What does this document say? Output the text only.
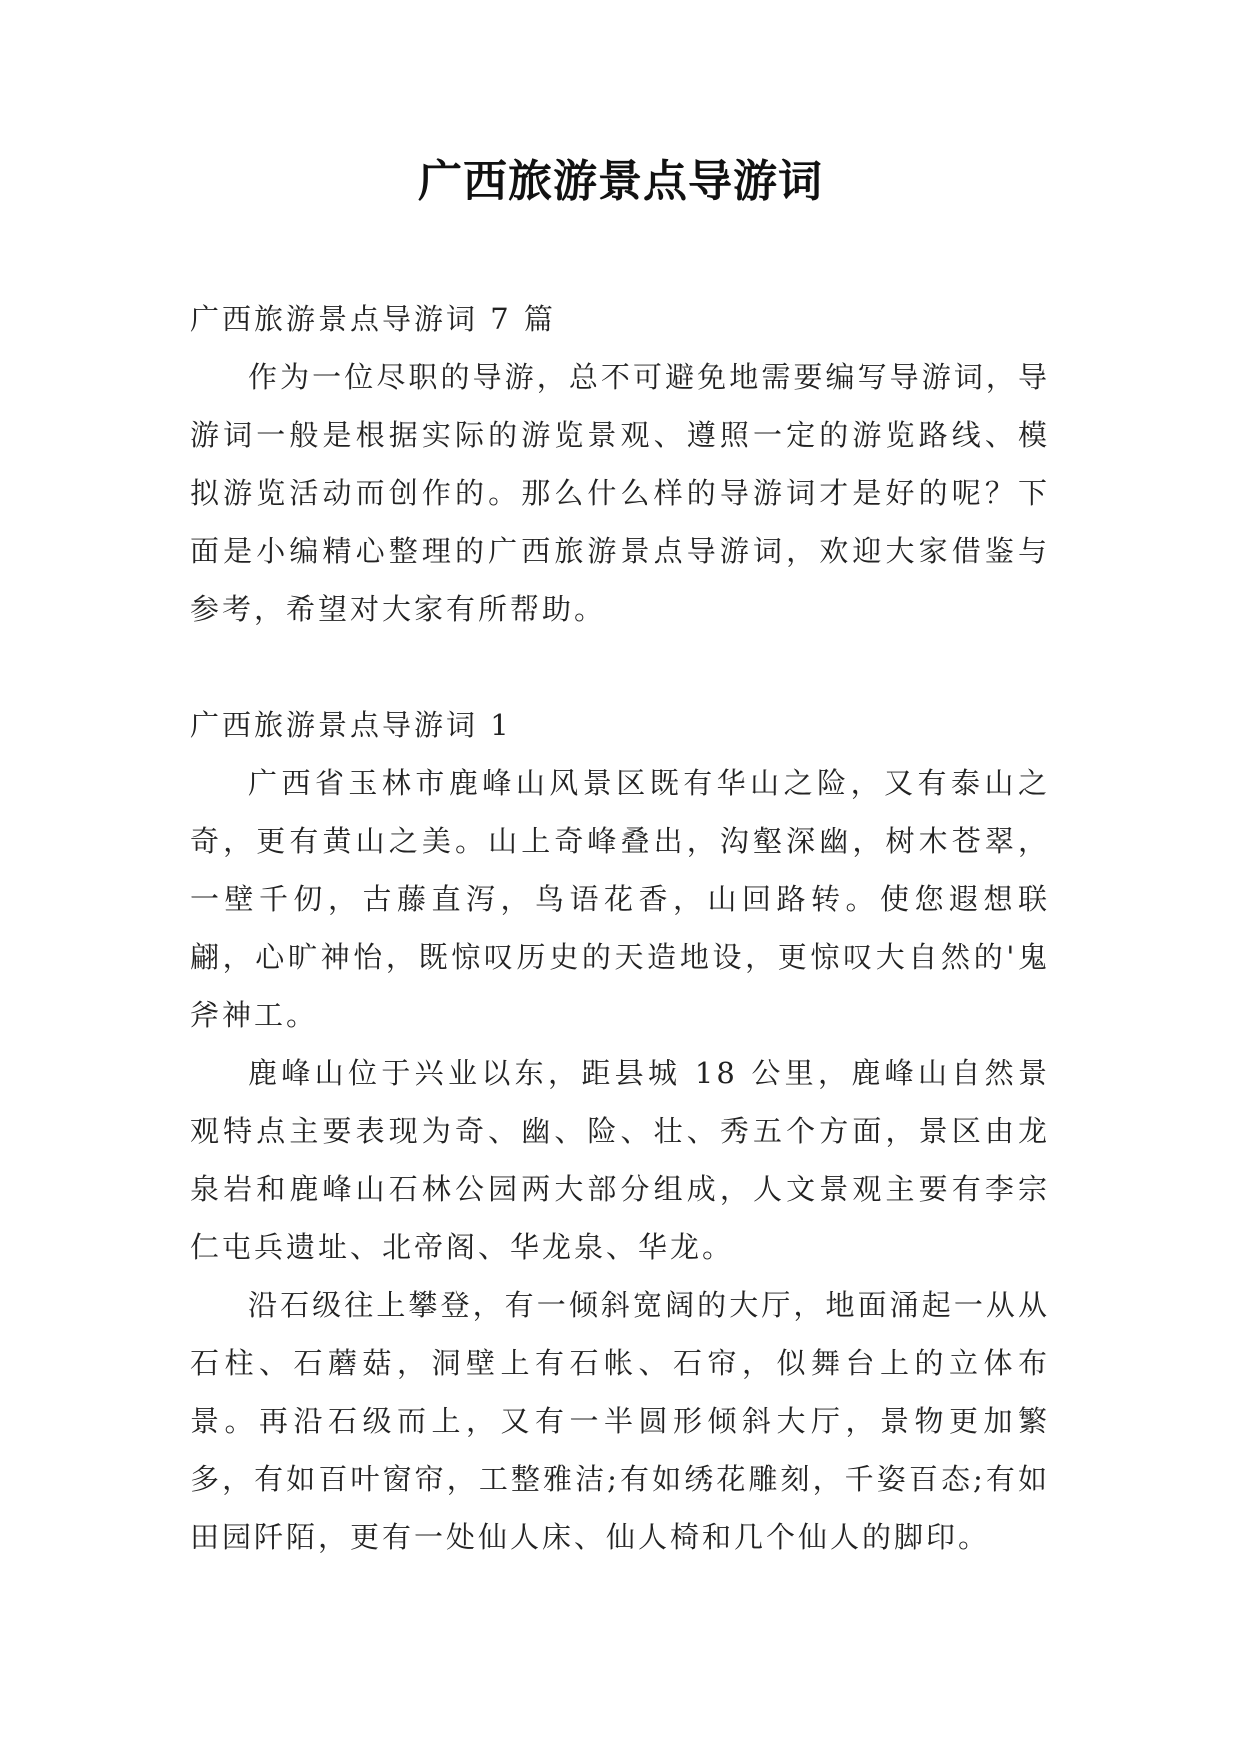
广西旅游景点导游词

广西旅游景点导游词 7 篇

作为一位尽职的导游，总不可避免地需要编写导游词，导游词一般是根据实际的游览景观、遵照一定的游览路线、模拟游览活动而创作的。那么什么样的导游词才是好的呢？下面是小编精心整理的广西旅游景点导游词，欢迎大家借鉴与参考，希望对大家有所帮助。

广西旅游景点导游词 1

广西省玉林市鹿峰山风景区既有华山之险，又有泰山之奇，更有黄山之美。山上奇峰叠出，沟壑深幽，树木苍翠，一壁千仞，古藤直泻，鸟语花香，山回路转。使您遐想联翩，心旷神怡，既惊叹历史的天造地设，更惊叹大自然的'鬼斧神工。

鹿峰山位于兴业以东，距县城 18 公里，鹿峰山自然景观特点主要表现为奇、幽、险、壮、秀五个方面，景区由龙泉岩和鹿峰山石林公园两大部分组成，人文景观主要有李宗仁屯兵遗址、北帝阁、华龙泉、华龙。

沿石级往上攀登，有一倾斜宽阔的大厅，地面涌起一从从石柱、石蘑菇，洞壁上有石帐、石帘，似舞台上的立体布景。再沿石级而上，又有一半圆形倾斜大厅，景物更加繁多，有如百叶窗帘，工整雅洁;有如绣花雕刻，千姿百态;有如田园阡陌，更有一处仙人床、仙人椅和几个仙人的脚印。
